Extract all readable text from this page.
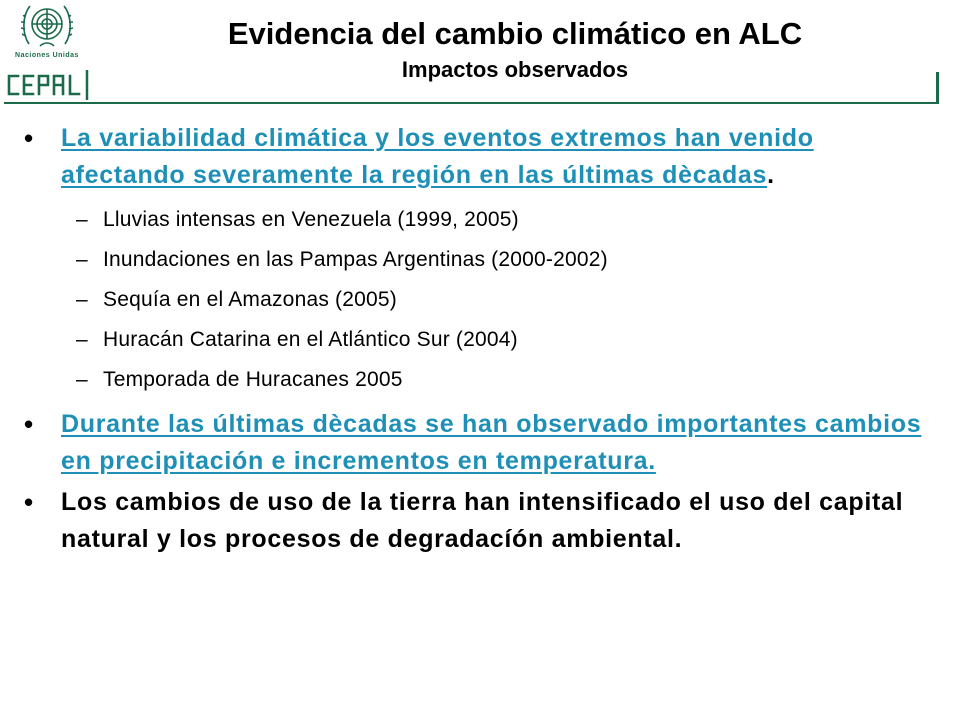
Naciones Unidas
Evidencia del cambio climático en ALC
Impactos observados
•	La variabilidad climática y los eventos extremos han venido afectando severamente la región en las últimas dècadas.
– Lluvias intensas en Venezuela (1999, 2005)
– Inundaciones en las Pampas Argentinas (2000-2002)
– Sequía en el Amazonas (2005)
– Huracán Catarina en el Atlántico Sur (2004)
– Temporada de Huracanes 2005
•	Durante las últimas dècadas se han observado importantes cambios en precipitación e incrementos en temperatura.
•	Los cambios de uso de la tierra han intensificado el uso del capital natural y los procesos de degradacíón ambiental.
